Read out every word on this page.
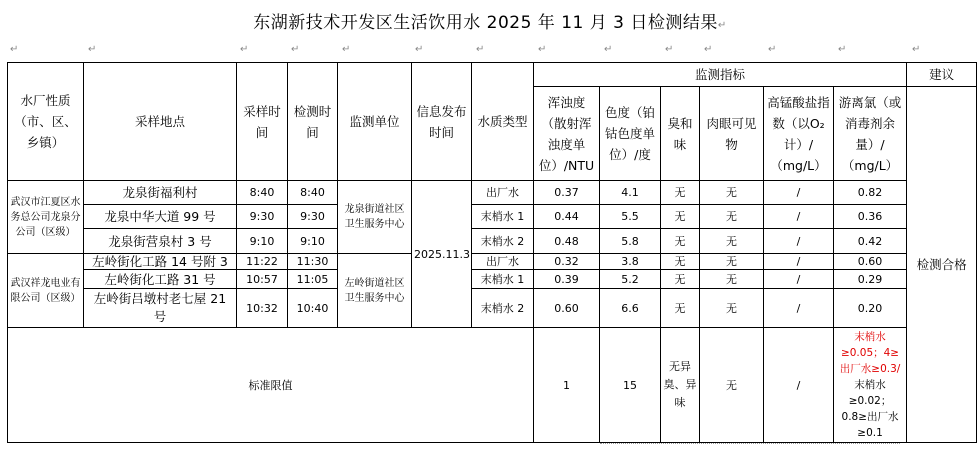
东湖新技术开发区生活饮用水 2025 年 11 月 3 日检测结果↵
↵	↵	↵	↵	↵	↵	↵	↵	↵	↵	↵	↵	↵	↵
水厂性质（市、区、乡镇）	采样地点	采样时间	检测时间	监测单位	信息发布时间	水质类型	监测指标						建议
							浑浊度（散射浑浊度单位）/NTU	色度（铂钴色度单位）/度	臭和味	肉眼可见物	高锰酸盐指数（以O₂计）/（mg/L）	游离氯（或消毒剂余量）/（mg/L）	检测合格
武汉市江夏区水务总公司龙泉分公司（区级）	龙泉街福利村	8:40	8:40	龙泉街道社区卫生服务中心	2025.11.3	出厂水	0.37	4.1	无	无	/	0.82	
	龙泉中华大道 99 号	9:30	9:30			末梢水 1	0.44	5.5	无	无	/	0.36	
	龙泉街营泉村 3 号	9:10	9:10			末梢水 2	0.48	5.8	无	无	/	0.42	
武汉祥龙电业有限公司（区级）	左岭街化工路 14 号附 3	11:22	11:30	左岭街道社区卫生服务中心		出厂水	0.32	3.8	无	无	/	0.60	
	左岭街化工路 31 号	10:57	11:05			末梢水 1	0.39	5.2	无	无	/	0.29	
	左岭街吕墩村老七屋 21 号	10:32	10:40			末梢水 2	0.60	6.6	无	无	/	0.20	
标准限值							1	15	无异臭、异味	无	/	末梢水≥0.05；4≥出厂水≥0.3/
末梢水≥0.02；0.8≥出厂水≥0.1	
